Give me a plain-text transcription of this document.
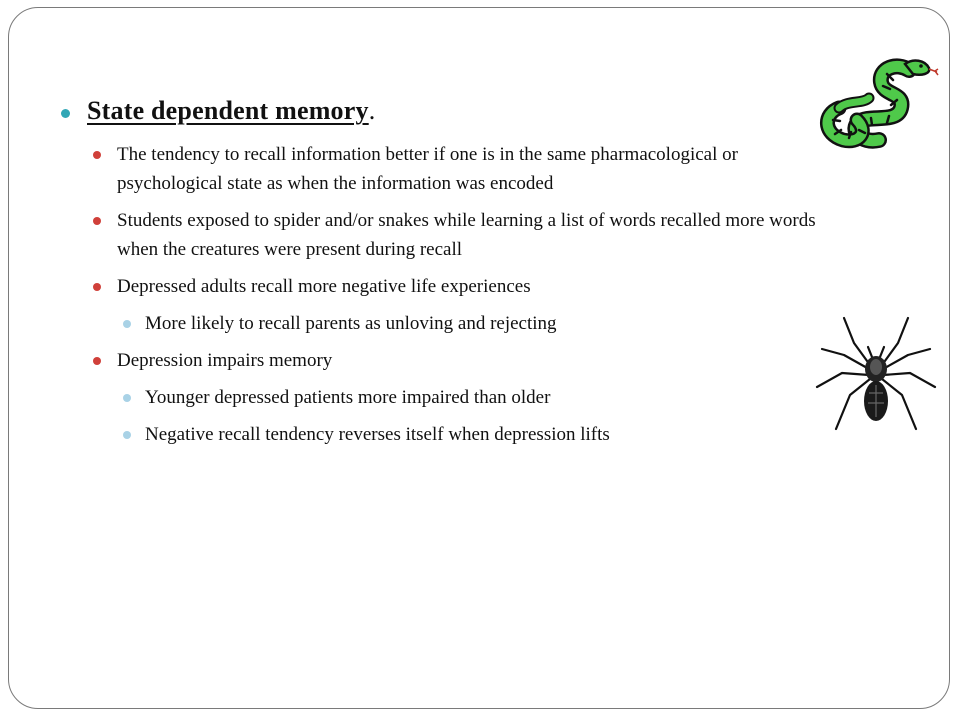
State dependent memory.
The tendency to recall information better if one is in the same pharmacological or psychological state as when the information was encoded
Students exposed to spider and/or snakes while learning a list of words recalled more words when the creatures were present during recall
Depressed adults recall more negative life experiences
More likely to recall parents as unloving and rejecting
Depression impairs memory
Younger depressed patients more impaired than older
Negative recall tendency reverses itself when depression lifts
